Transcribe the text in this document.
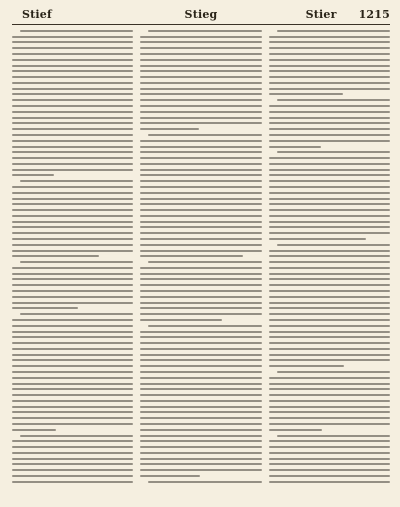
Stief	Stieg	Stier 1215
